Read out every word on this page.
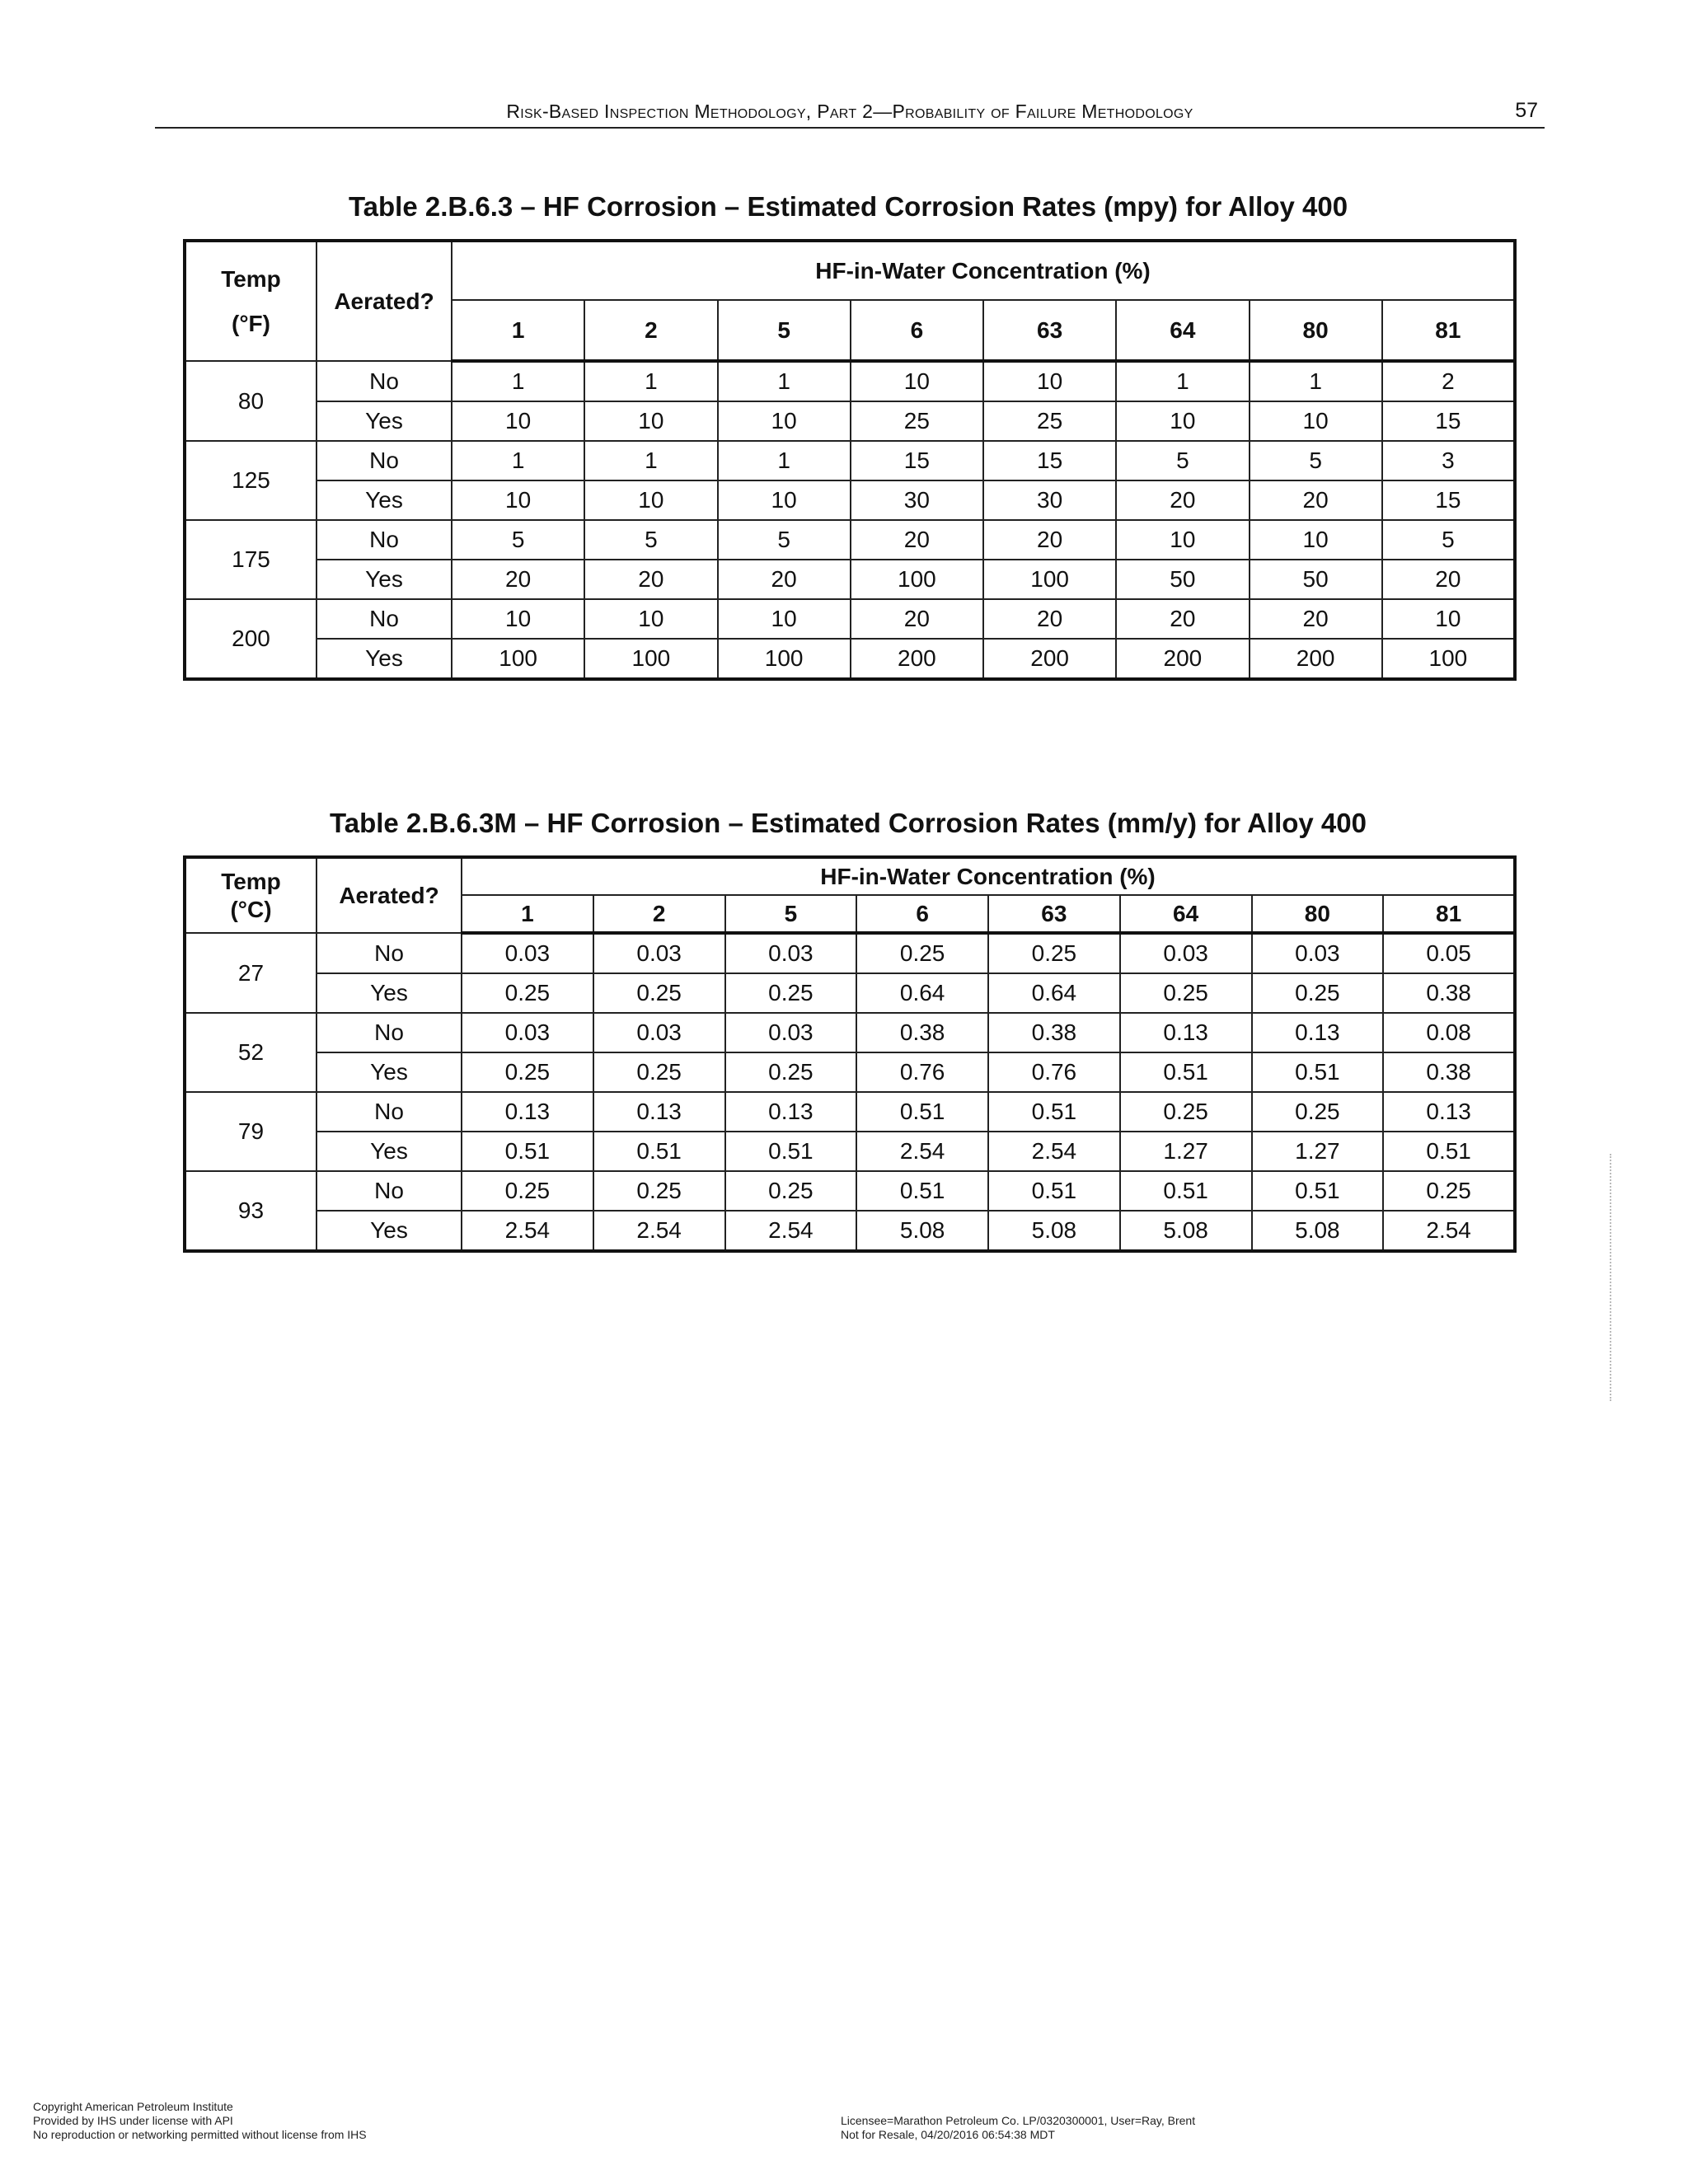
Risk-Based Inspection Methodology, Part 2—Probability of Failure Methodology	57
Table 2.B.6.3 – HF Corrosion – Estimated Corrosion Rates (mpy) for Alloy 400
Temp
(°F)	Aerated?	HF-in-Water Concentration (%)							
		1	2	5	6	63	64	80	81
80	No	1	1	1	10	10	1	1	2
	Yes	10	10	10	25	25	10	10	15
125	No	1	1	1	15	15	5	5	3
	Yes	10	10	10	30	30	20	20	15
175	No	5	5	5	20	20	10	10	5
	Yes	20	20	20	100	100	50	50	20
200	No	10	10	10	20	20	20	20	10
	Yes	100	100	100	200	200	200	200	100
Table 2.B.6.3M – HF Corrosion – Estimated Corrosion Rates (mm/y) for Alloy 400
Temp
(°C)	Aerated?	HF-in-Water Concentration (%)							
		1	2	5	6	63	64	80	81
27	No	0.03	0.03	0.03	0.25	0.25	0.03	0.03	0.05
	Yes	0.25	0.25	0.25	0.64	0.64	0.25	0.25	0.38
52	No	0.03	0.03	0.03	0.38	0.38	0.13	0.13	0.08
	Yes	0.25	0.25	0.25	0.76	0.76	0.51	0.51	0.38
79	No	0.13	0.13	0.13	0.51	0.51	0.25	0.25	0.13
	Yes	0.51	0.51	0.51	2.54	2.54	1.27	1.27	0.51
93	No	0.25	0.25	0.25	0.51	0.51	0.51	0.51	0.25
	Yes	2.54	2.54	2.54	5.08	5.08	5.08	5.08	2.54
Copyright American Petroleum Institute
Provided by IHS under license with API
No reproduction or networking permitted without license from IHS
Licensee=Marathon Petroleum Co. LP/0320300001, User=Ray, Brent
Not for Resale, 04/20/2016 06:54:38 MDT
